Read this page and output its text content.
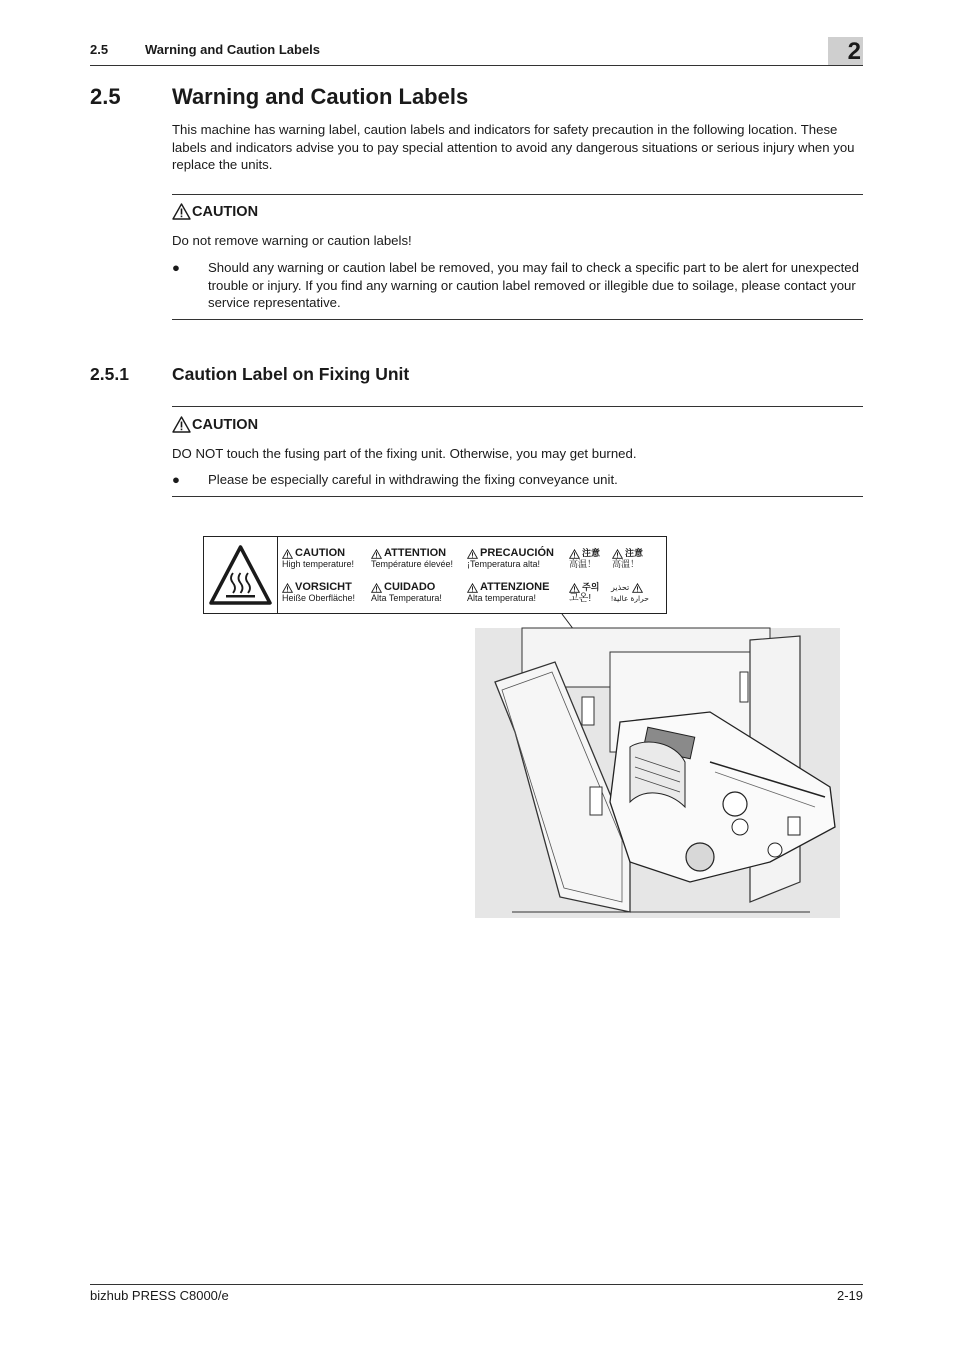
2.5	Warning and Caution Labels	2
2.5 Warning and Caution Labels
This machine has warning label, caution labels and indicators for safety precaution in the following location. These labels and indicators advise you to pay special attention to avoid any dangerous situations or serious injury when you replace the units.
CAUTION
Do not remove warning or caution labels!
● Should any warning or caution label be removed, you may fail to check a specific part to be alert for unexpected trouble or injury. If you find any warning or caution label removed or illegible due to soilage, please contact your service representative.
2.5.1 Caution Label on Fixing Unit
CAUTION
DO NOT touch the fusing part of the fixing unit. Otherwise, you may get burned.
● Please be especially careful in withdrawing the fixing conveyance unit.
CAUTION
High temperature!
ATTENTION
Température élevée!
PRECAUCIÓN
¡Temperatura alta!
注意
高温！
注意
高溫！
VORSICHT
Heiße Oberfläche!
CUIDADO
Alta Temperatura!
ATTENZIONE
Alta temperatura!
주의
고온!
تحذير
!حرارة عالية
bizhub PRESS C8000/e	2-19
